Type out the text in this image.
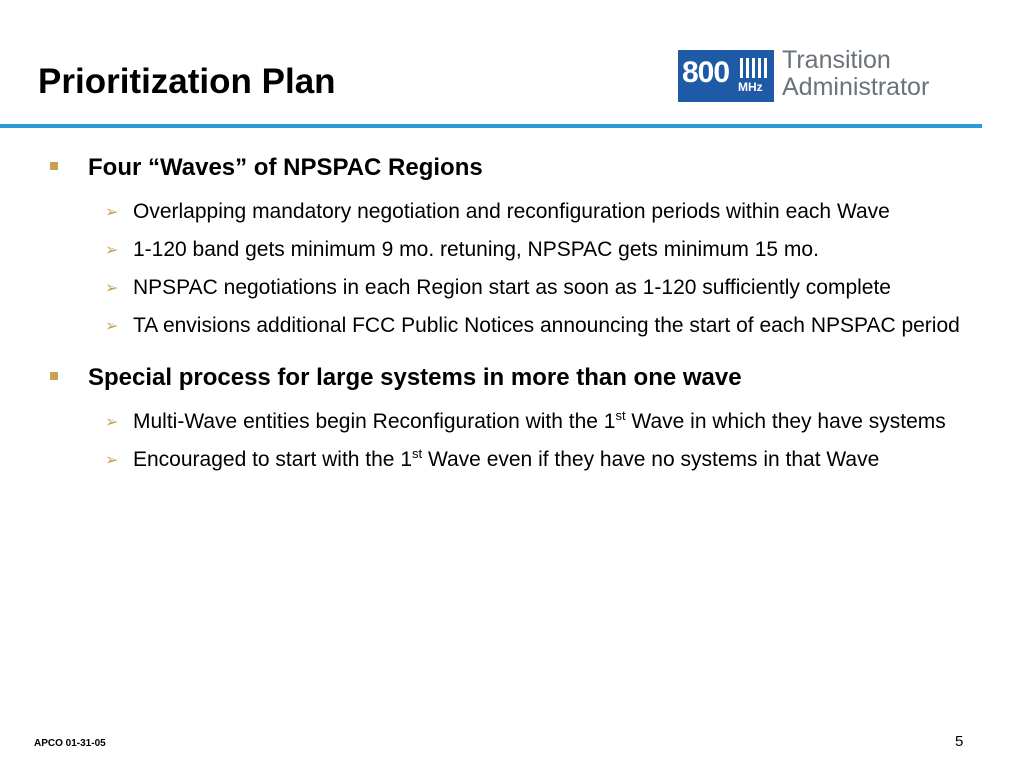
Prioritization Plan	800 MHz
Transition
Administrator
Four “Waves” of NPSPAC Regions
➢ Overlapping mandatory negotiation and reconfiguration periods within each Wave
➢ 1-120 band gets minimum 9 mo. retuning, NPSPAC gets minimum 15 mo.
➢ NPSPAC negotiations in each Region start as soon as 1-120 sufficiently complete
➢ TA envisions additional FCC Public Notices announcing the start of each NPSPAC period
Special process for large systems in more than one wave
➢ Multi-Wave entities begin Reconfiguration with the 1st Wave in which they have systems
➢ Encouraged to start with the 1st Wave even if they have no systems in that Wave
APCO 01-31-05	5
